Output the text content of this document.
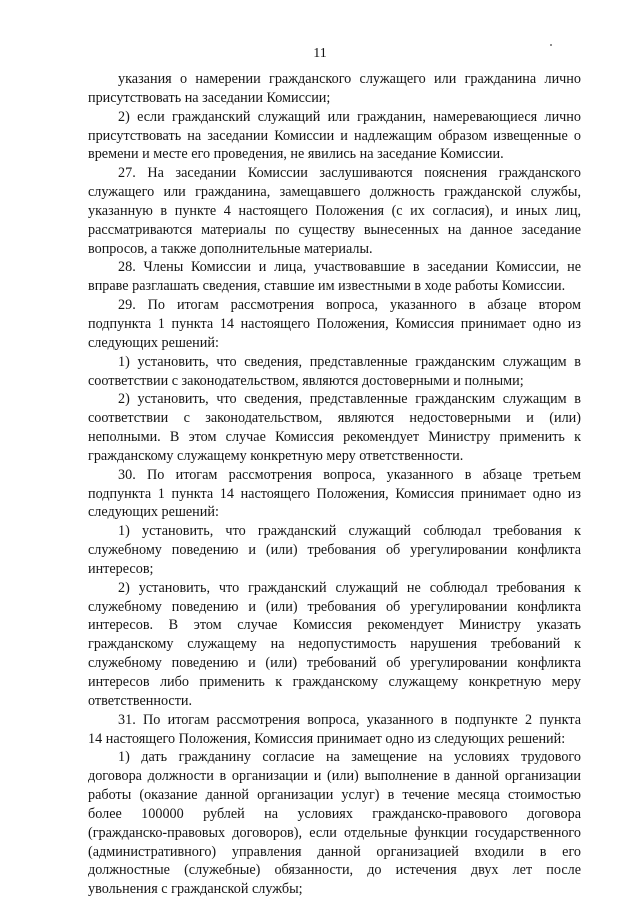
11
указания о намерении гражданского служащего или гражданина лично
присутствовать на заседании Комиссии;
2) если гражданский служащий или гражданин, намеревающиеся лично
присутствовать на заседании Комиссии и надлежащим образом извещенные о
времени и месте его проведения, не явились на заседание Комиссии.
27. На заседании Комиссии заслушиваются пояснения гражданского
служащего или гражданина, замещавшего должность гражданской службы,
указанную в пункте 4 настоящего Положения (с их согласия), и иных лиц,
рассматриваются материалы по существу вынесенных на данное заседание
вопросов, а также дополнительные материалы.
28. Члены Комиссии и лица, участвовавшие в заседании Комиссии, не
вправе разглашать сведения, ставшие им известными в ходе работы Комиссии.
29. По итогам рассмотрения вопроса, указанного в абзаце втором
подпункта 1 пункта 14 настоящего Положения, Комиссия принимает одно из
следующих решений:
1) установить, что сведения, представленные гражданским служащим в
соответствии с законодательством, являются достоверными и полными;
2) установить, что сведения, представленные гражданским служащим в
соответствии с законодательством, являются недостоверными и (или)
неполными. В этом случае Комиссия рекомендует Министру применить к
гражданскому служащему конкретную меру ответственности.
30. По итогам рассмотрения вопроса, указанного в абзаце третьем
подпункта 1 пункта 14 настоящего Положения, Комиссия принимает одно из
следующих решений:
1) установить, что гражданский служащий соблюдал требования к
служебному поведению и (или) требования об урегулировании конфликта
интересов;
2) установить, что гражданский служащий не соблюдал требования к
служебному поведению и (или) требования об урегулировании конфликта
интересов. В этом случае Комиссия рекомендует Министру указать
гражданскому служащему на недопустимость нарушения требований к
служебному поведению и (или) требований об урегулировании конфликта
интересов либо применить к гражданскому служащему конкретную меру
ответственности.
31. По итогам рассмотрения вопроса, указанного в подпункте 2 пункта
14 настоящего Положения, Комиссия принимает одно из следующих решений:
1) дать гражданину согласие на замещение на условиях трудового
договора должности в организации и (или) выполнение в данной организации
работы (оказание данной организации услуг) в течение месяца стоимостью
более 100000 рублей на условиях гражданско-правового договора
(гражданско-правовых договоров), если отдельные функции государственного
(административного) управления данной организацией входили в его
должностные (служебные) обязанности, до истечения двух лет после
увольнения с гражданской службы;
